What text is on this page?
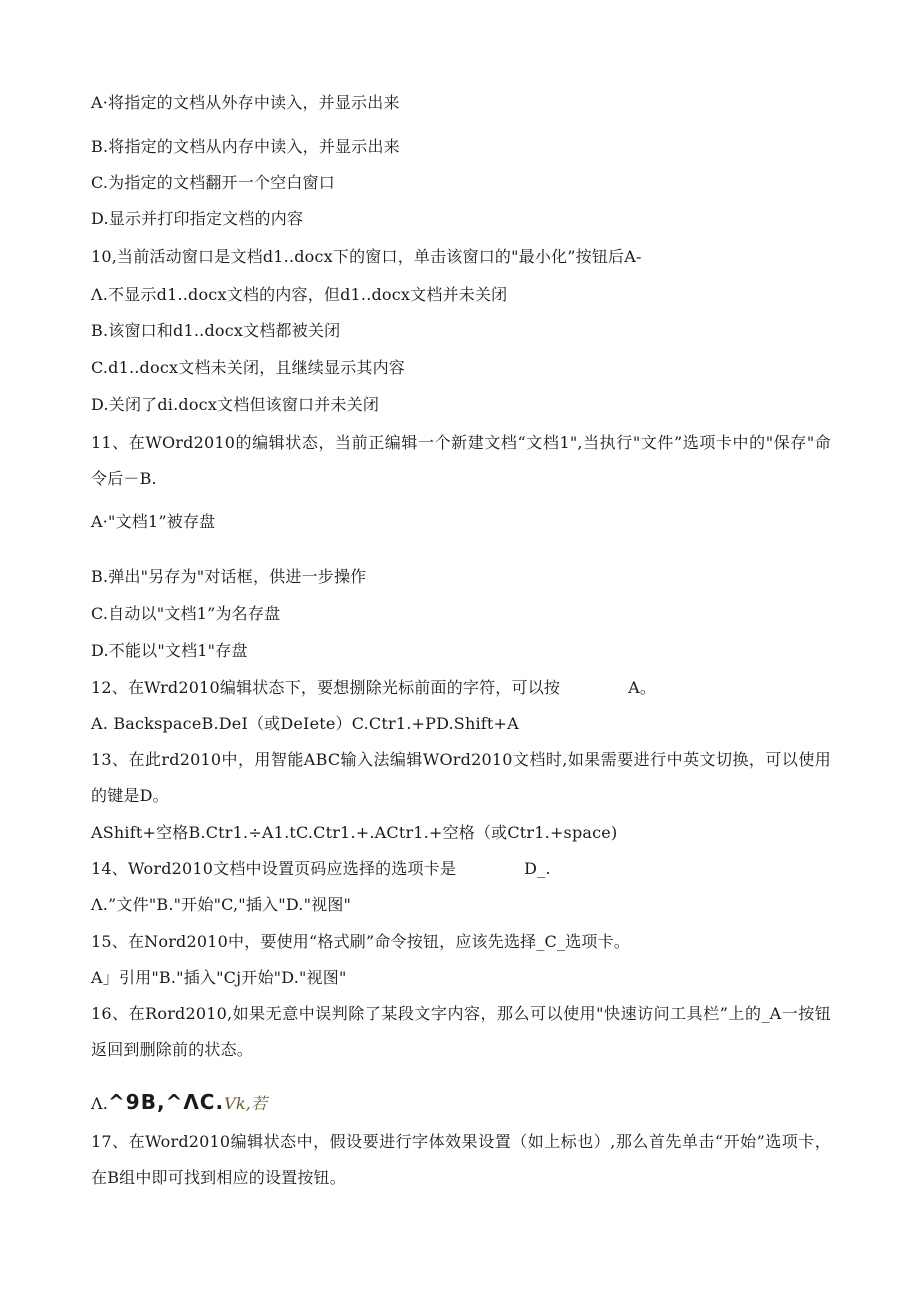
A·将指定的文档从外存中读入，并显示出来
B.将指定的文档从内存中读入，并显示出来
C.为指定的文档翻开一个空白窗口
D.显示并打印指定文档的内容
10,当前活动窗口是文档d1..docx下的窗口，单击该窗口的"最小化”按钮后A-
Λ.不显示d1..docx文档的内容，但d1..docx文档并未关闭
B.该窗口和d1..docx文档都被关闭
C.d1..docx文档未关闭，且继续显示其内容
D.关闭了di.docx文档但该窗口并未关闭
11、在WOrd2010的编辑状态，当前正编辑一个新建文档“文档1",当执行"文件”选项卡中的"保存"命令后－B.
A·"文档1”被存盘
B.弹出"另存为"对话框，供进一步操作
C.自动以"文档1”为名存盘
D.不能以"文档1"存盘
12、在Wrd2010编辑状态下，要想捌除光标前面的字符，可以按	A。
A. BackspaceB.DeI（或DeIete）C.Ctr1.+PD.Shift+A
13、在此rd2010中，用智能ABC输入法编辑WOrd2010文档时,如果需要进行中英文切换，可以使用的键是D。
AShift+空格B.Ctr1.÷A1.tC.Ctr1.+.ACtr1.+空格（或Ctr1.+space)
14、Word2010文档中设置页码应选择的选项卡是	D_.
Λ.”文件"B."开始"C,"插入"D."视图"
15、在Nord2010中，要使用“格式刷”命令按钮，应该先选择_C_选项卡。
A」引用"B."插入"Cj开始"D."视图"
16、在Rord2010,如果无意中误判除了某段文字内容，那么可以使用"快速访问工具栏”上的_A一按钮返回到删除前的状态。
Λ.^9B,^ΛC.Vk,若
17、在Word2010编辑状态中，假设要进行字体效果设置（如上标也）,那么首先单击“开始”选项卡，在B组中即可找到相应的设置按钮。
